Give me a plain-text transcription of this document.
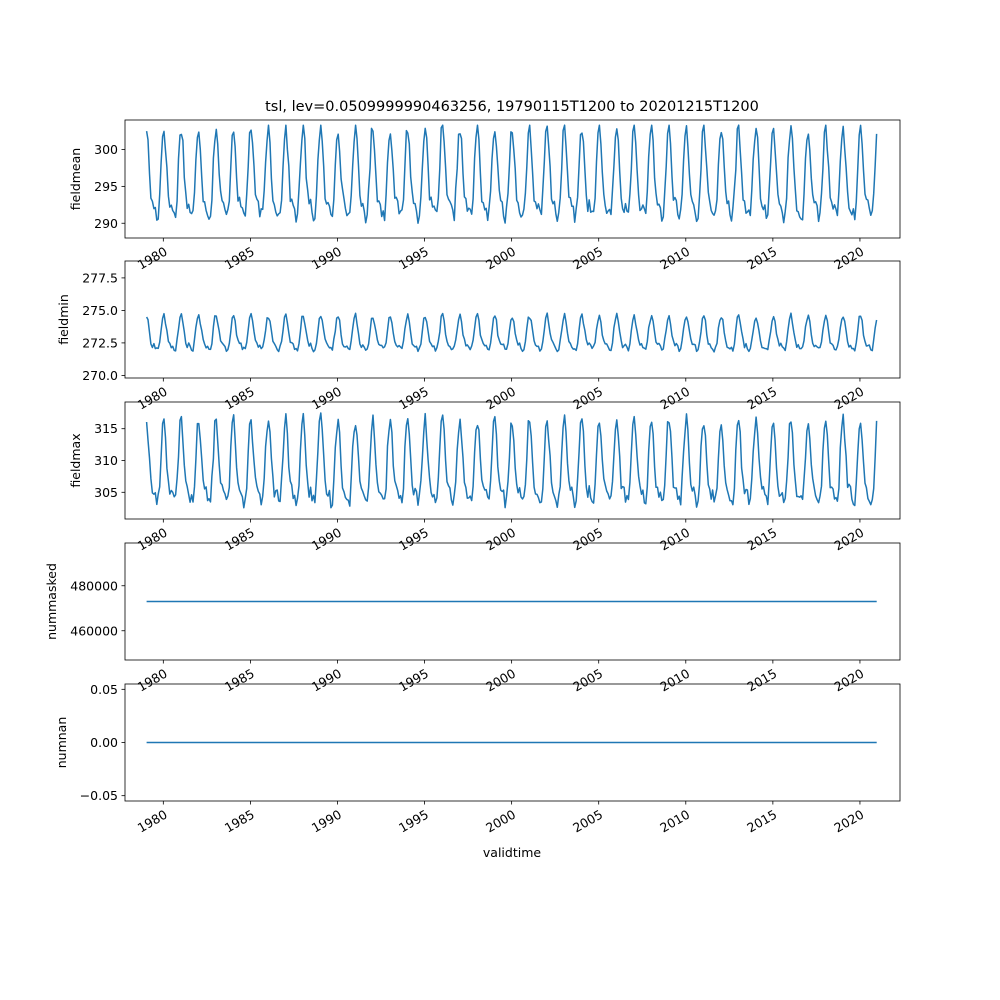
tsl, lev=0.0509999990463256, 19790115T1200 to 20201215T1200
290
295
300
1980	1985	1990	1995	2000	2005	2010	2015	2020
fieldmean
270.0
272.5
275.0
277.5
1980	1985	1990	1995	2000	2005	2010	2015	2020
fieldmin
305
310
315
1980	1985	1990	1995	2000	2005	2010	2015	2020
fieldmax
460000
480000
1980	1985	1990	1995	2000	2005	2010	2015	2020
nummasked
−0.05
0.00
0.05
1980	1985	1990	1995	2000	2005	2010	2015	2020
numnan
validtime
